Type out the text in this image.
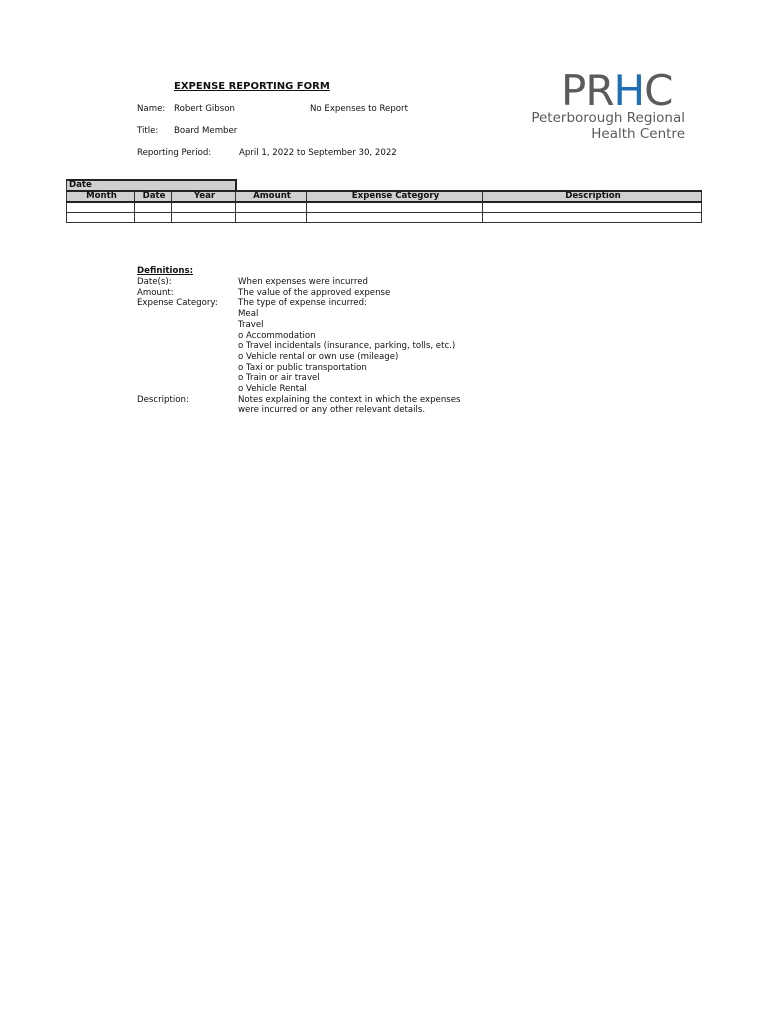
EXPENSE REPORTING FORM
Name: Robert Gibson	No Expenses to Report
Title: Board Member
Reporting Period:	April 1, 2022 to September 30, 2022
PRHC
Peterborough Regional
Health Centre
Date					
Month	Date	Year	Amount	Expense Category	Description

Definitions:
Date(s):	When expenses were incurred
Amount:	The value of the approved expense
Expense Category:	The type of expense incurred:
Meal
Travel
o Accommodation
o Travel incidentals (insurance, parking, tolls, etc.)
o Vehicle rental or own use (mileage)
o Taxi or public transportation
o Train or air travel
o Vehicle Rental
Description:	Notes explaining the context in which the expenses
were incurred or any other relevant details.
